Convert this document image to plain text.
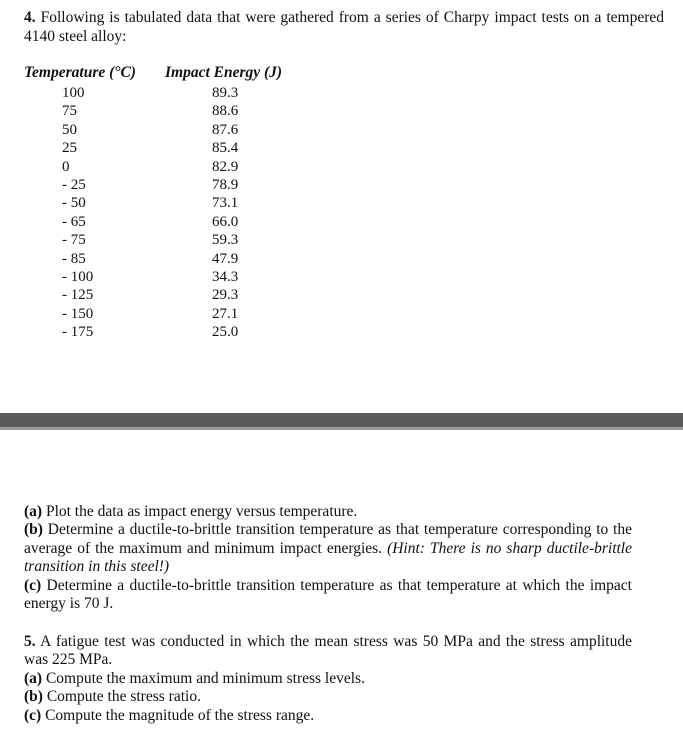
4. Following is tabulated data that were gathered from a series of Charpy impact tests on a tempered 4140 steel alloy:
Temperature (°C) Impact Energy (J)
100
75
50
25
0
- 25
- 50
- 65
- 75
- 85
- 100
- 125
- 150
- 175
89.3
88.6
87.6
85.4
82.9
78.9
73.1
66.0
59.3
47.9
34.3
29.3
27.1
25.0
(a) Plot the data as impact energy versus temperature.
(b) Determine a ductile-to-brittle transition temperature as that temperature corresponding to the average of the maximum and minimum impact energies. (Hint: There is no sharp ductile-brittle transition in this steel!)
(c) Determine a ductile-to-brittle transition temperature as that temperature at which the impact energy is 70 J.
5. A fatigue test was conducted in which the mean stress was 50 MPa and the stress amplitude was 225 MPa.
(a) Compute the maximum and minimum stress levels.
(b) Compute the stress ratio.
(c) Compute the magnitude of the stress range.
